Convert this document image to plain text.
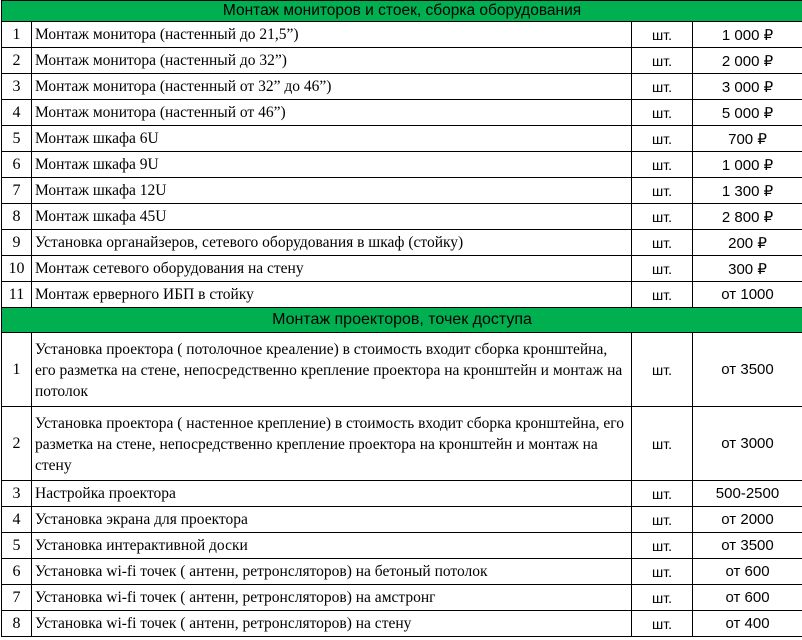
Монтаж мониторов и стоек, сборка оборудования			
1	Монтаж монитора (настенный до 21,5”)	шт.	1 000 ₽
2	Монтаж монитора (настенный до 32”)	шт.	2 000 ₽
3	Монтаж монитора (настенный от 32” до 46”)	шт.	3 000 ₽
4	Монтаж монитора (настенный от 46”)	шт.	5 000 ₽
5	Монтаж шкафа 6U	шт.	700 ₽
6	Монтаж шкафа 9U	шт.	1 000 ₽
7	Монтаж шкафа 12U	шт.	1 300 ₽
8	Монтаж шкафа 45U	шт.	2 800 ₽
9	Установка органайзеров, сетевого оборудования в шкаф (стойку)	шт.	200 ₽
10	Монтаж сетевого оборудования на стену	шт.	300 ₽
11	Монтаж ерверного ИБП в стойку	шт.	от 1000
Монтаж проекторов, точек доступа			
1	Установка проектора ( потолочное креаление) в стоимость входит сборка кронштейна, его разметка на стене, непосредственно крепление проектора на кронштейн и монтаж на потолок	шт.	от 3500
2	Установка проектора ( настенное крепление) в стоимость входит сборка кронштейна, его разметка на стене, непосредственно крепление проектора на кронштейн и монтаж на стену	шт.	от 3000
3	Настройка проектора	шт.	500-2500
4	Установка экрана для проектора	шт.	от 2000
5	Установка интерактивной доски	шт.	от 3500
6	Установка wi-fi точек ( антенн, ретронсляторов) на бетоный потолок	шт.	от 600
7	Установка wi-fi точек ( антенн, ретронсляторов) на амстронг	шт.	от 600
8	Установка wi-fi точек ( антенн, ретронсляторов) на стену	шт.	от 400
